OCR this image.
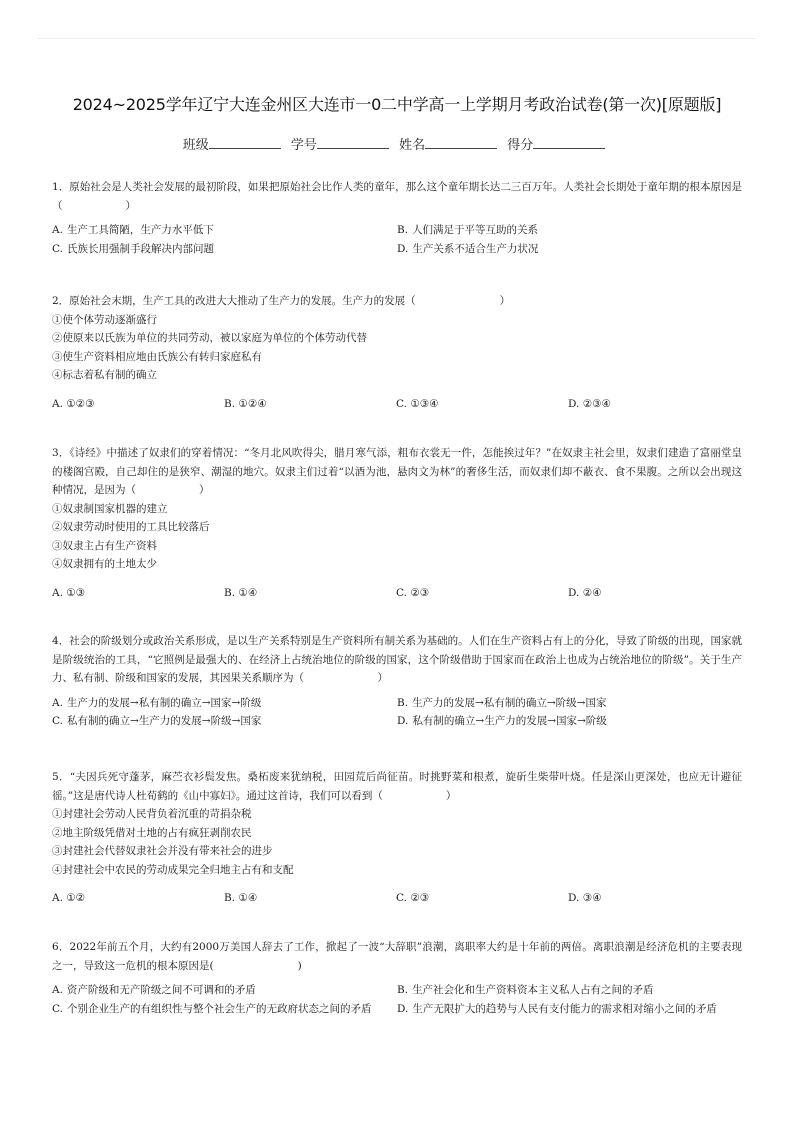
2024~2025学年辽宁大连金州区大连市一0二中学高一上学期月考政治试卷(第一次)[原题版]
班级	学号	姓名	得分

1．原始社会是人类社会发展的最初阶段，如果把原始社会比作人类的童年，那么这个童年期长达二三百万年。人类社会长期处于童年期的根本原因是（　　　　　　）

A. 生产工具简陋，生产力水平低下	B. 人们满足于平等互助的关系
C. 氏族长用强制手段解决内部问题	D. 生产关系不适合生产力状况

2．原始社会末期，生产工具的改进大大推动了生产力的发展。生产力的发展（　　　　　　　　）

①使个体劳动逐渐盛行

②使原来以氏族为单位的共同劳动，被以家庭为单位的个体劳动代替

③使生产资料相应地由氏族公有转归家庭私有

④标志着私有制的确立

A. ①②③	B. ①②④	C. ①③④	D. ②③④

3．《诗经》中描述了奴隶们的穿着情况：“冬月北风吹得尖，腊月寒气添，粗布衣裳无一件，怎能挨过年？”在奴隶主社会里，奴隶们建造了富丽堂皇的楼阁宫殿，自己却住的是狭窄、潮湿的地穴。奴隶主们过着“以酒为池，悬肉文为林”的奢侈生活，而奴隶们却不蔽衣、食不果腹。之所以会出现这种情况，是因为（　　　　　　）

①奴隶制国家机器的建立

②奴隶劳动时使用的工具比较落后

③奴隶主占有生产资料

④奴隶拥有的土地太少

A. ①③	B. ①④	C. ②③	D. ②④

4．社会的阶级划分或政治关系形成，是以生产关系特别是生产资料所有制关系为基础的。人们在生产资料占有上的分化，导致了阶级的出现，国家就是阶级统治的工具，“它照例是最强大的、在经济上占统治地位的阶级的国家，这个阶级借助于国家而在政治上也成为占统治地位的阶级”。关于生产力、私有制、阶级和国家的发展，其因果关系顺序为（　　　　　　　）

A. 生产力的发展→私有制的确立→国家→阶级	B. 生产力的发展→私有制的确立→阶级→国家
C. 私有制的确立→生产力的发展→阶级→国家	D. 私有制的确立→生产力的发展→国家→阶级

5．“夫因兵死守蓬茅，麻苎衣衫鬓发焦。桑柘废来犹纳税，田园荒后尚征苗。时挑野菜和根煮，旋斫生柴带叶烧。任是深山更深处，也应无计避征徭。”这是唐代诗人杜荀鹤的《山中寡妇》。通过这首诗，我们可以看到（　　　　　　）

①封建社会劳动人民背负着沉重的苛捐杂税

②地主阶级凭借对土地的占有疯狂剥削农民

③封建社会代替奴隶社会并没有带来社会的进步

④封建社会中农民的劳动成果完全归地主占有和支配

A. ①②	B. ①④	C. ②③	D. ③④

6．2022年前五个月，大约有2000万美国人辞去了工作，掀起了一波“大辞职”浪潮，离职率大约是十年前的两倍。离职浪潮是经济危机的主要表现之一，导致这一危机的根本原因是(　　　　　　　　)

A. 资产阶级和无产阶级之间不可调和的矛盾	B. 生产社会化和生产资料资本主义私人占有之间的矛盾
C. 个别企业生产的有组织性与整个社会生产的无政府状态之间的矛盾	D. 生产无限扩大的趋势与人民有支付能力的需求相对缩小之间的矛盾
